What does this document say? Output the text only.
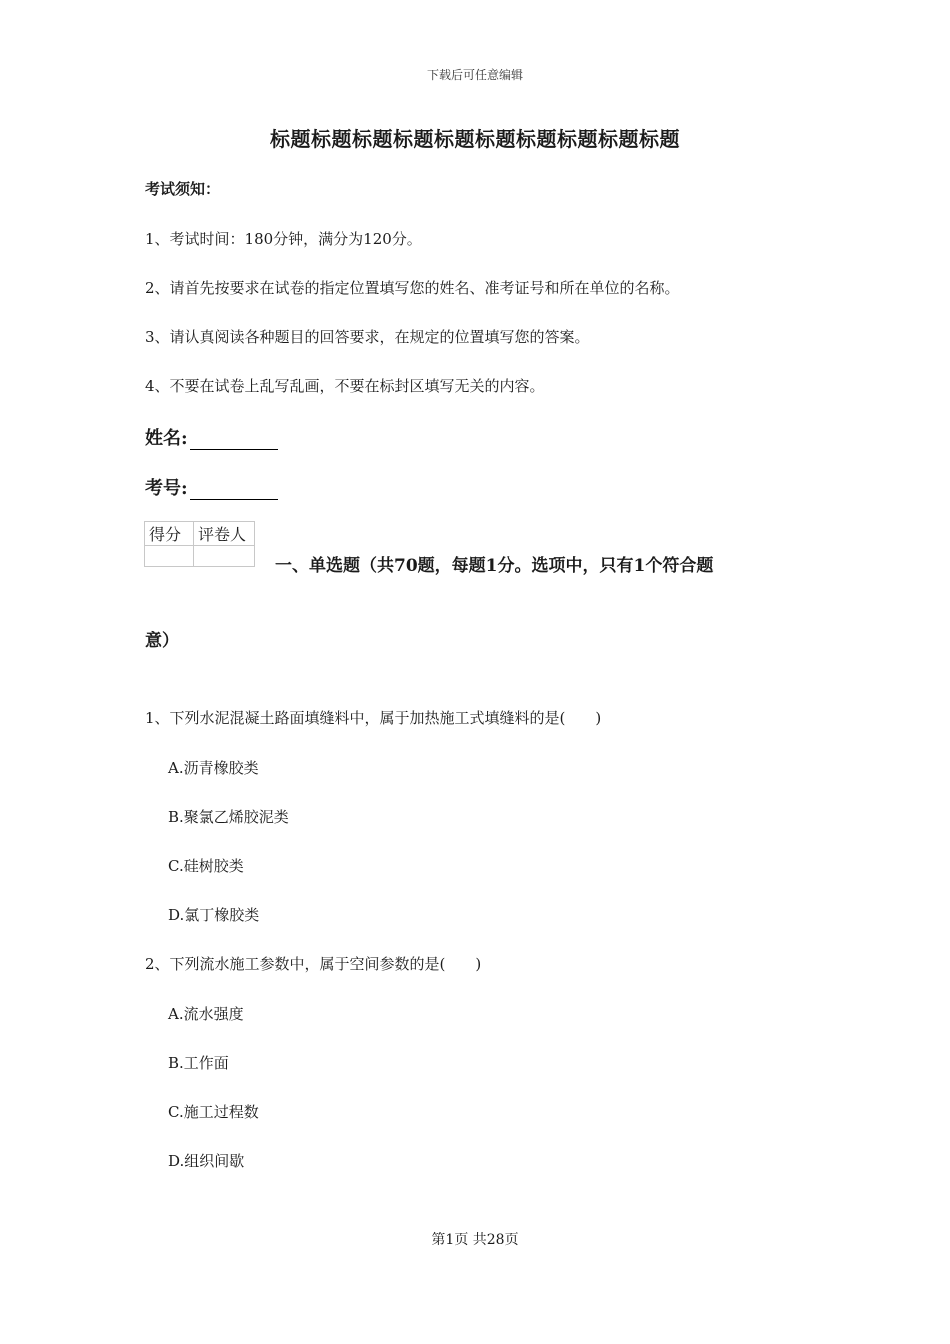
下载后可任意编辑
标题标题标题标题标题标题标题标题标题标题
考试须知：
1、考试时间：180分钟，满分为120分。
2、请首先按要求在试卷的指定位置填写您的姓名、准考证号和所在单位的名称。
3、请认真阅读各种题目的回答要求，在规定的位置填写您的答案。
4、不要在试卷上乱写乱画，不要在标封区填写无关的内容。
姓名:
考号:
得分	评卷人

一、单选题（共70题，每题1分。选项中，只有1个符合题
意）
1、下列水泥混凝土路面填缝料中，属于加热施工式填缝料的是(　　)
A.沥青橡胶类
B.聚氯乙烯胶泥类
C.硅树胶类
D.氯丁橡胶类
2、下列流水施工参数中，属于空间参数的是(　　)
A.流水强度
B.工作面
C.施工过程数
D.组织间歇
第1页 共28页
